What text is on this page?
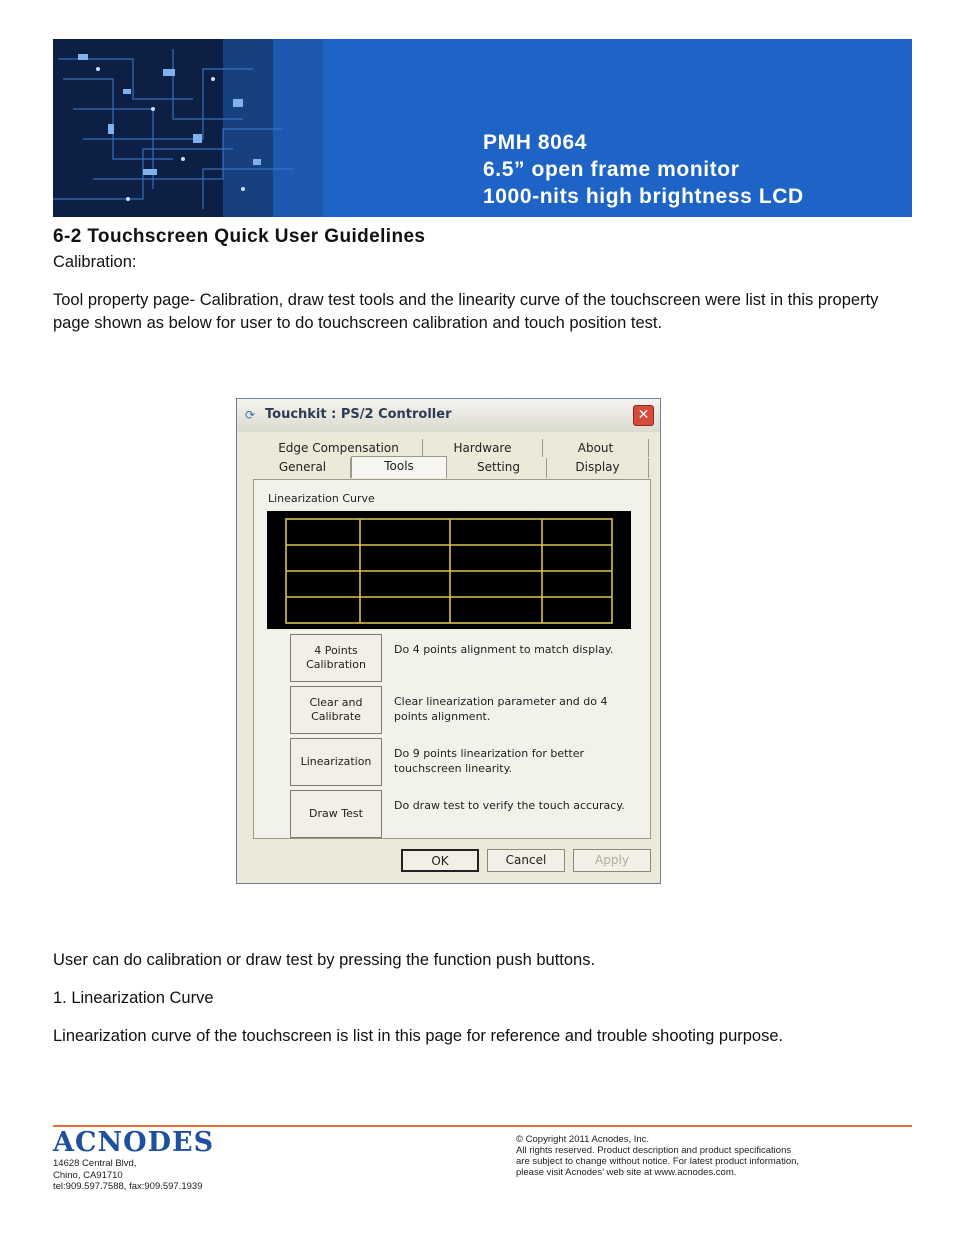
PMH 8064
6.5” open frame monitor
1000-nits high brightness LCD
6-2 Touchscreen Quick User Guidelines
Calibration:
Tool property page- Calibration, draw test tools and the linearity curve of the touchscreen were list in this property page shown as below for user to do touchscreen calibration and touch position test.
⟳ Touchkit : PS/2 Controller	✕
Edge Compensation	Hardware	About
General	Tools	Setting	Display
Linearization Curve
4 Points
Calibration
Do 4 points alignment to match display.
Clear and
Calibrate
Clear linearization parameter and do 4 points alignment.
Linearization
Do 9 points linearization for better touchscreen linearity.
Draw Test
Do draw test to verify the touch accuracy.
OK	Cancel	Apply
User can do calibration or draw test by pressing the function push buttons.
1. Linearization Curve
Linearization curve of the touchscreen is list in this page for reference and trouble shooting purpose.
ACNODES
14628 Central Blvd,
Chino, CA91710
tel:909.597.7588, fax:909.597.1939
© Copyright 2011 Acnodes, Inc.
All rights reserved. Product description and product specifications
are subject to change without notice. For latest product information,
please visit Acnodes’ web site at www.acnodes.com.
